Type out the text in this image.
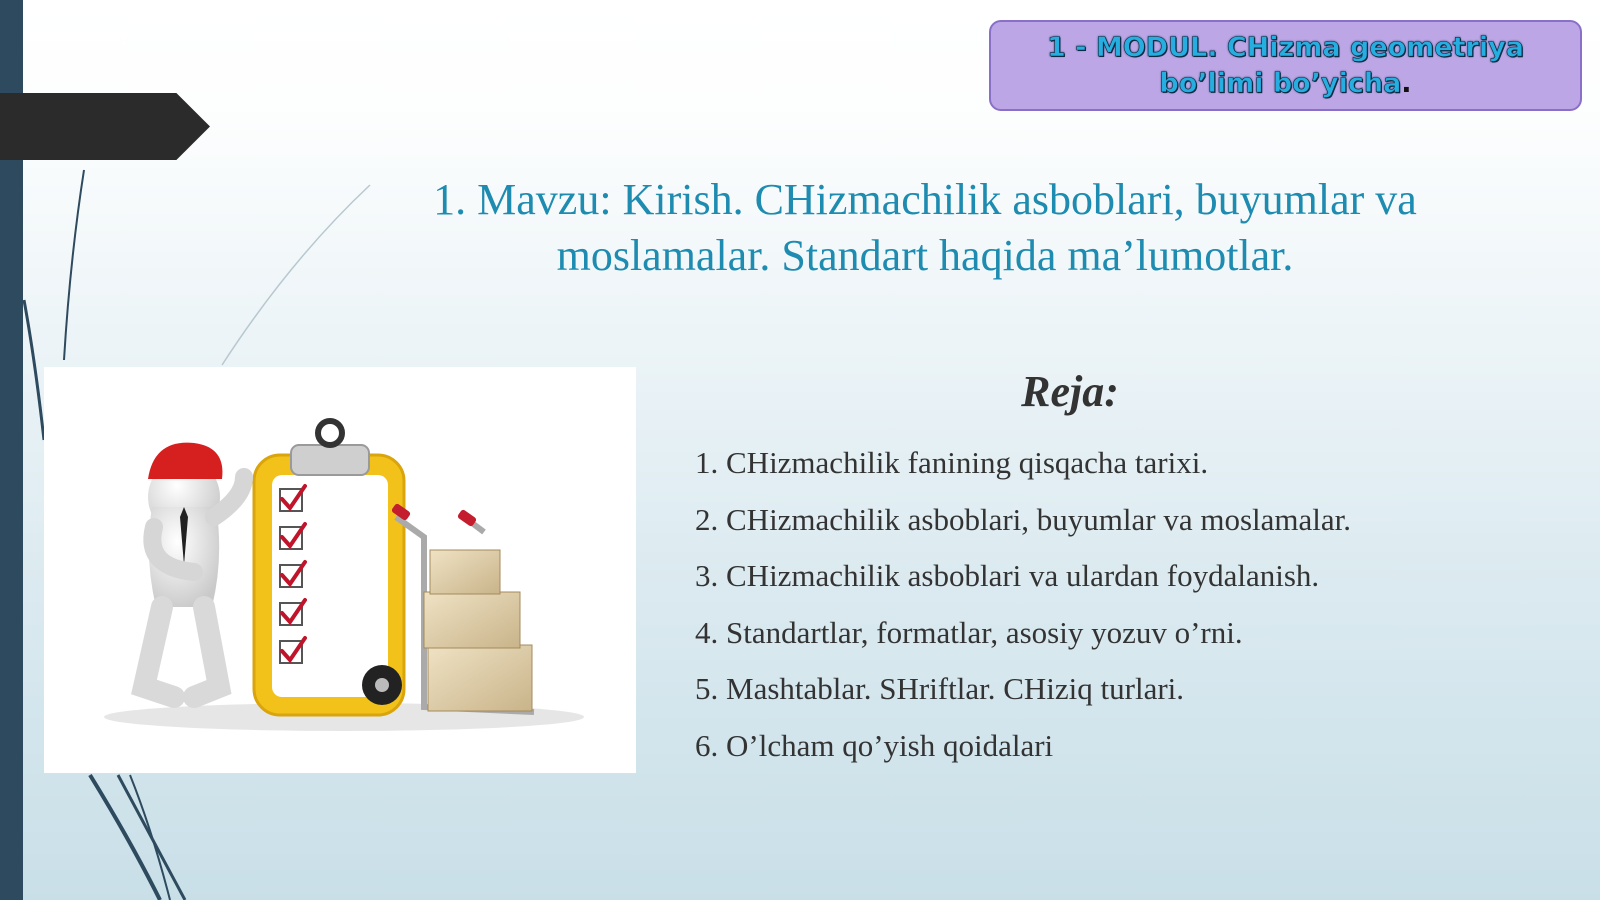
1 - MODUL. CHizma geometriya
bo’limi bo’yicha.
1. Mavzu: Kirish. CHizmachilik asboblari, buyumlar va
moslamalar. Standart haqida ma’lumotlar.
Reja:
1. CHizmachilik fanining qisqacha tarixi.
2. CHizmachilik asboblari, buyumlar va moslamalar.
3. CHizmachilik asboblari va ulardan foydalanish.
4. Standartlar, formatlar, asosiy yozuv o’rni.
5. Mashtablar. SHriftlar. CHiziq turlari.
6. O’lcham qo’yish qoidalari
